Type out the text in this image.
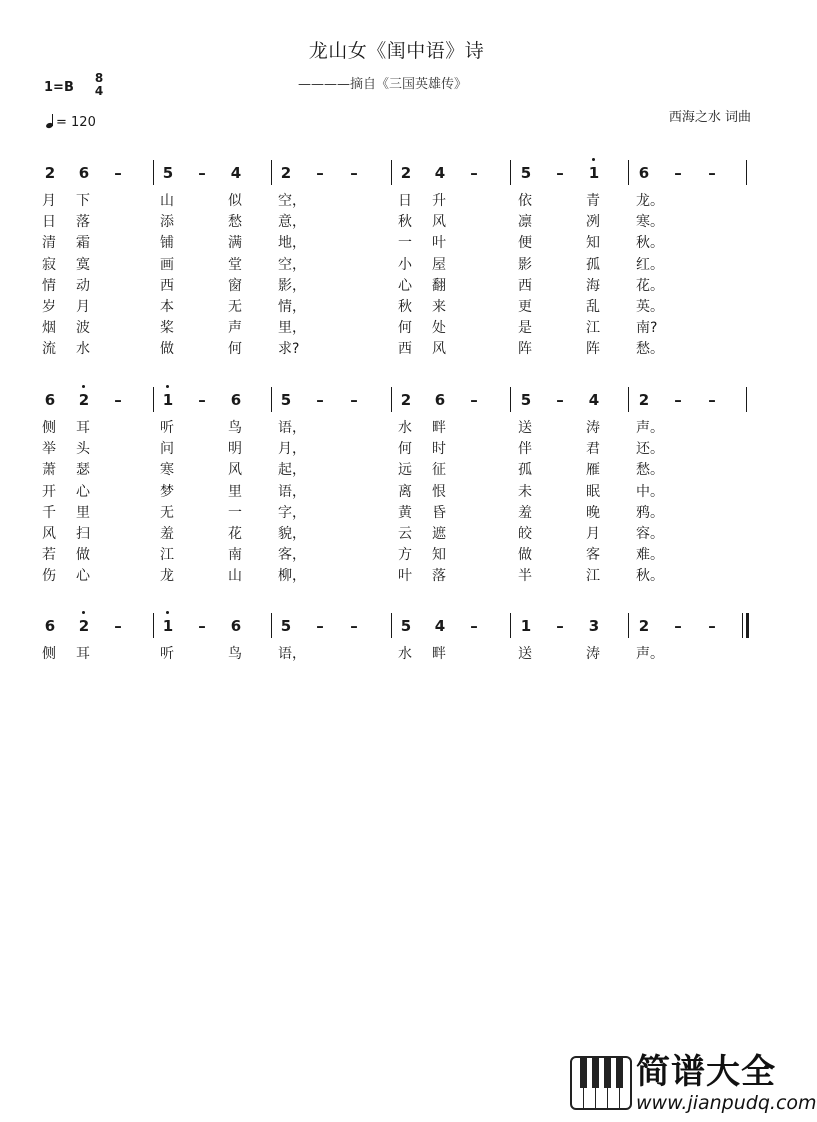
龙山女《闺中语》诗
————摘自《三国英雄传》
1=B
8
4
= 120	西海之水 词曲
2	6	–	5	–	4	2	–	–	2	4	–	5	–	1	6	–	–
月	下	山	似	空，	日	升	依	青	龙。
日	落	添	愁	意，	秋	风	凛	冽	寒。
清	霜	铺	满	地，	一	叶	便	知	秋。
寂	寞	画	堂	空，	小	屋	影	孤	红。
情	动	西	窗	影，	心	翻	西	海	花。
岁	月	本	无	情，	秋	来	更	乱	英。
烟	波	桨	声	里，	何	处	是	江	南?
流	水	做	何	求?	西	风	阵	阵	愁。
6	2	–	1	–	6	5	–	–	2	6	–	5	–	4	2	–	–
侧	耳	听	鸟	语，	水	畔	送	涛	声。
举	头	问	明	月，	何	时	伴	君	还。
萧	瑟	寒	风	起，	远	征	孤	雁	愁。
开	心	梦	里	语，	离	恨	未	眠	中。
千	里	无	一	字，	黄	昏	羞	晚	鸦。
风	扫	羞	花	貌，	云	遮	皎	月	容。
若	做	江	南	客，	方	知	做	客	难。
伤	心	龙	山	柳，	叶	落	半	江	秋。
6	2	–	1	–	6	5	–	–	5	4	–	1	–	3	2	–	–
侧	耳	听	鸟	语，	水	畔	送	涛	声。
简谱大全
www.jianpudq.com
